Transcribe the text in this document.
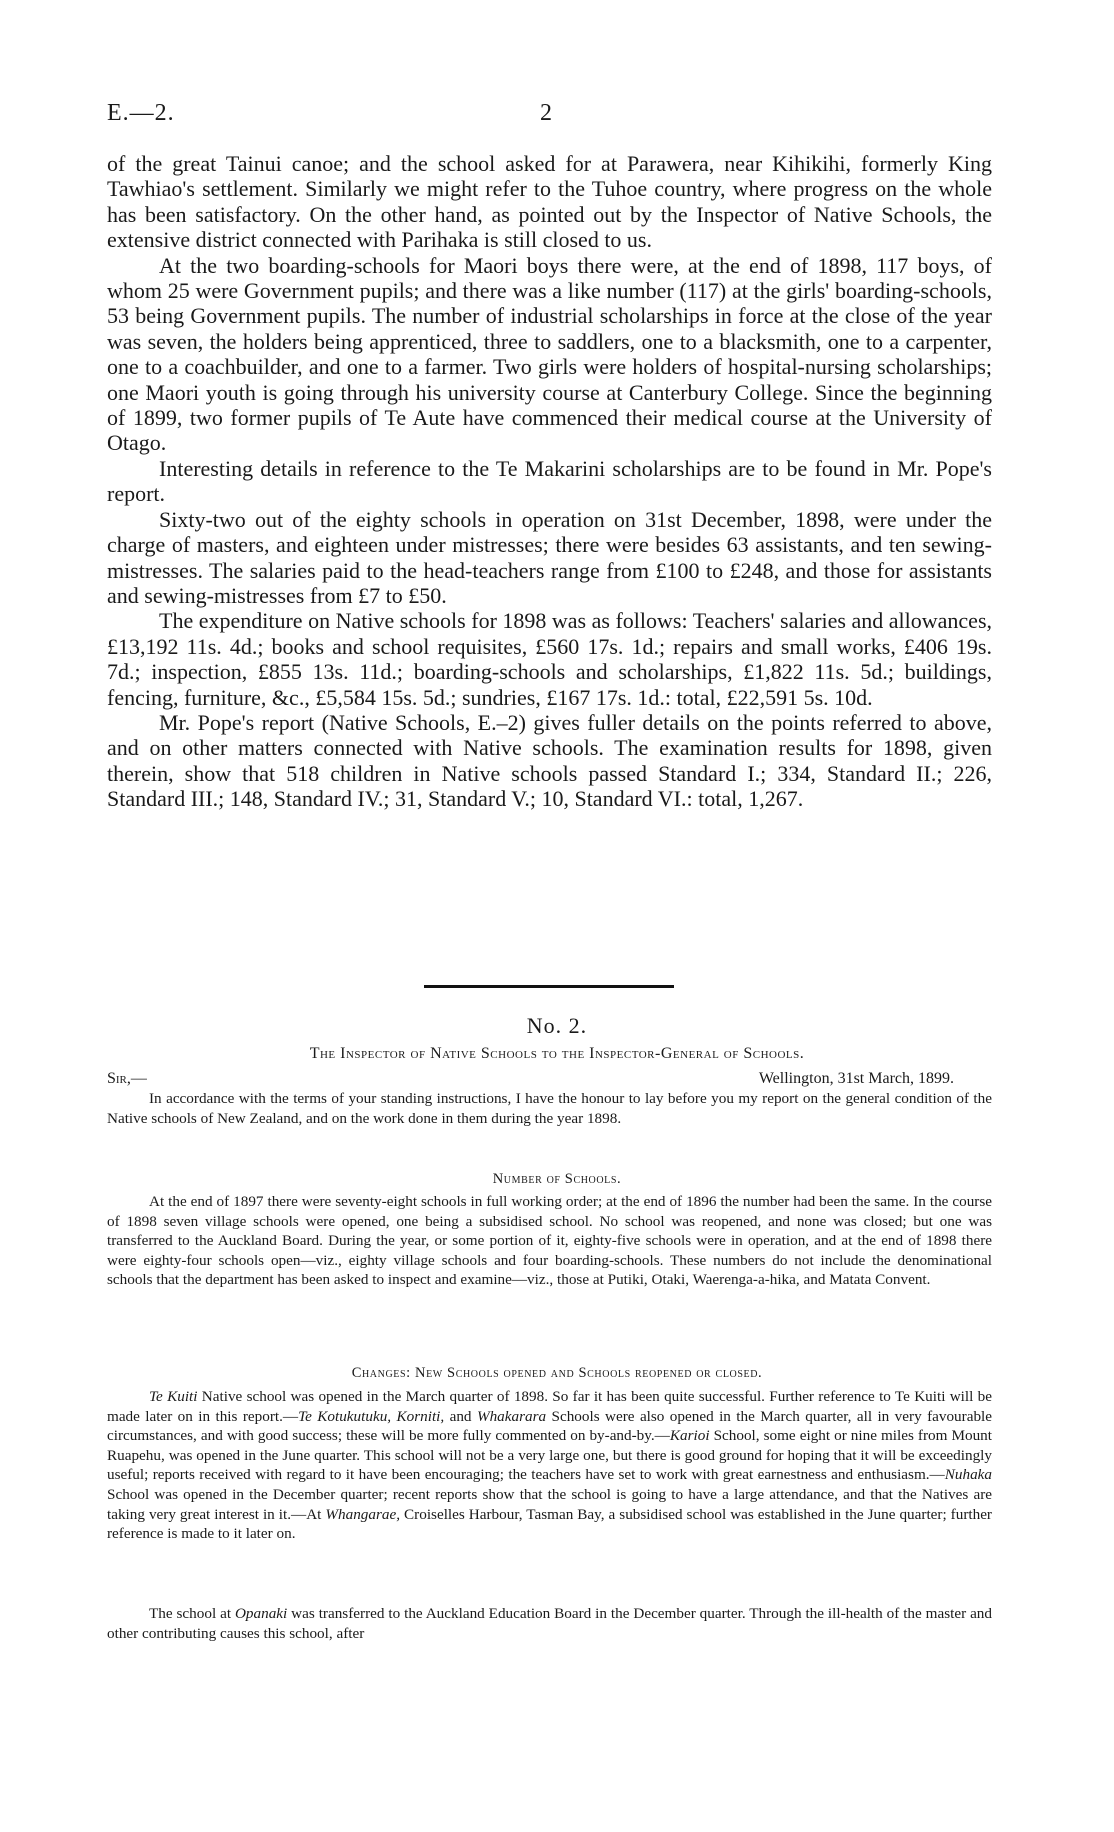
E.—2.	2

of the great Tainui canoe; and the school asked for at Parawera, near Kihikihi, formerly King Tawhiao's settlement. Similarly we might refer to the Tuhoe country, where progress on the whole has been satisfactory. On the other hand, as pointed out by the Inspector of Native Schools, the extensive district connected with Parihaka is still closed to us.

At the two boarding-schools for Maori boys there were, at the end of 1898, 117 boys, of whom 25 were Government pupils; and there was a like number (117) at the girls' boarding-schools, 53 being Government pupils. The number of industrial scholarships in force at the close of the year was seven, the holders being apprenticed, three to saddlers, one to a blacksmith, one to a carpenter, one to a coachbuilder, and one to a farmer. Two girls were holders of hospital-nursing scholarships; one Maori youth is going through his university course at Canterbury College. Since the beginning of 1899, two former pupils of Te Aute have commenced their medical course at the University of Otago.

Interesting details in reference to the Te Makarini scholarships are to be found in Mr. Pope's report.

Sixty-two out of the eighty schools in operation on 31st December, 1898, were under the charge of masters, and eighteen under mistresses; there were besides 63 assistants, and ten sewing-mistresses. The salaries paid to the head-teachers range from £100 to £248, and those for assistants and sewing-mistresses from £7 to £50.

The expenditure on Native schools for 1898 was as follows: Teachers' salaries and allowances, £13,192 11s. 4d.; books and school requisites, £560 17s. 1d.; repairs and small works, £406 19s. 7d.; inspection, £855 13s. 11d.; boarding-schools and scholarships, £1,822 11s. 5d.; buildings, fencing, furniture, &c., £5,584 15s. 5d.; sundries, £167 17s. 1d.: total, £22,591 5s. 10d.

Mr. Pope's report (Native Schools, E.–2) gives fuller details on the points referred to above, and on other matters connected with Native schools. The examination results for 1898, given therein, show that 518 children in Native schools passed Standard I.; 334, Standard II.; 226, Standard III.; 148, Standard IV.; 31, Standard V.; 10, Standard VI.: total, 1,267.

No. 2.
The Inspector of Native Schools to the Inspector-General of Schools.
Sir,—	Wellington, 31st March, 1899.

In accordance with the terms of your standing instructions, I have the honour to lay before you my report on the general condition of the Native schools of New Zealand, and on the work done in them during the year 1898.

Number of Schools.

At the end of 1897 there were seventy-eight schools in full working order; at the end of 1896 the number had been the same. In the course of 1898 seven village schools were opened, one being a subsidised school. No school was reopened, and none was closed; but one was transferred to the Auckland Board. During the year, or some portion of it, eighty-five schools were in operation, and at the end of 1898 there were eighty-four schools open—viz., eighty village schools and four boarding-schools. These numbers do not include the denominational schools that the department has been asked to inspect and examine—viz., those at Putiki, Otaki, Waerenga-a-hika, and Matata Convent.

Changes: New Schools opened and Schools reopened or closed.

Te Kuiti Native school was opened in the March quarter of 1898. So far it has been quite successful. Further reference to Te Kuiti will be made later on in this report.—Te Kotukutuku, Korniti, and Whakarara Schools were also opened in the March quarter, all in very favourable circumstances, and with good success; these will be more fully commented on by-and-by.—Karioi School, some eight or nine miles from Mount Ruapehu, was opened in the June quarter. This school will not be a very large one, but there is good ground for hoping that it will be exceedingly useful; reports received with regard to it have been encouraging; the teachers have set to work with great earnestness and enthusiasm.—Nuhaka School was opened in the December quarter; recent reports show that the school is going to have a large attendance, and that the Natives are taking very great interest in it.—At Whangarae, Croiselles Harbour, Tasman Bay, a subsidised school was established in the June quarter; further reference is made to it later on.

The school at Opanaki was transferred to the Auckland Education Board in the December quarter. Through the ill-health of the master and other contributing causes this school, after
